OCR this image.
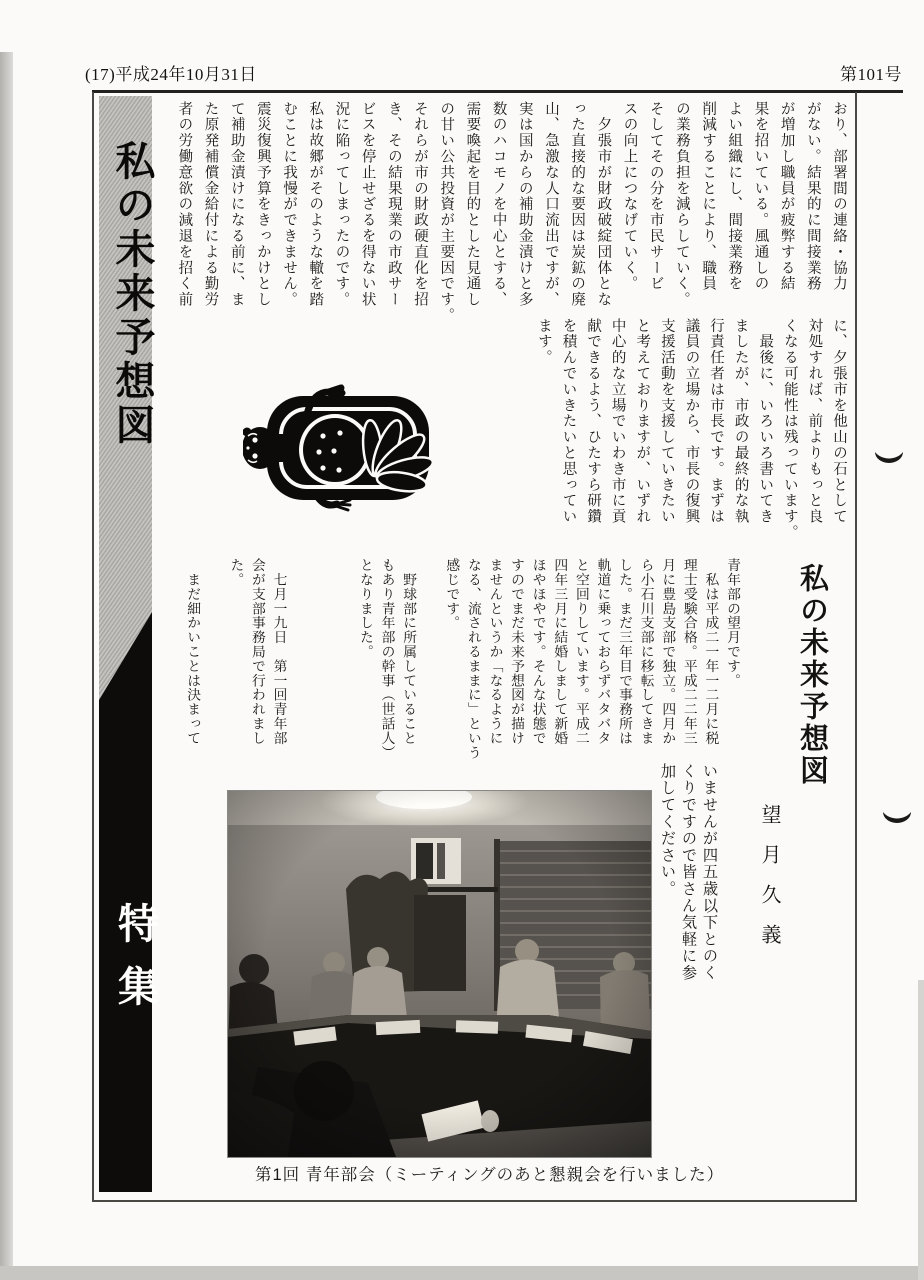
(17)平成24年10月31日	第101号
私の未来予想図
特集
おり、部署間の連絡・協力
がない。結果的に間接業務
が増加し職員が疲弊する結
果を招いている。風通しの
よい組織にし、間接業務を
削減することにより、職員
の業務負担を減らしていく。
そしてその分を市民サービ
スの向上につなげていく。
　夕張市が財政破綻団体とな
った直接的な要因は炭鉱の廃
山、急激な人口流出ですが、
実は国からの補助金漬けと多
数のハコモノを中心とする、
需要喚起を目的とした見通し
の甘い公共投資が主要因です。
それらが市の財政硬直化を招
き、その結果現業の市政サー
ビスを停止せざるを得ない状
況に陥ってしまったのです。
私は故郷がそのような轍を踏
むことに我慢ができません。
震災復興予算をきっかけとし
て補助金漬けになる前に、ま
た原発補償金給付による勤労
者の労働意欲の減退を招く前
に、夕張市を他山の石として
対処すれば、前よりもっと良
くなる可能性は残っています。
　最後に、いろいろ書いてき
ましたが、市政の最終的な執
行責任者は市長です。まずは
議員の立場から、市長の復興
支援活動を支援していきたい
と考えておりますが、いずれ
中心的な立場でいわき市に貢
献できるよう、ひたすら研鑽
を積んでいきたいと思ってい
ます。
私の未来予想図
望月久義
青年部の望月です。
　私は平成二一年一二月に税
理士受験合格。平成二二年三
月に豊島支部で独立。四月か
ら小石川支部に移転してきま
した。まだ三年目で事務所は
軌道に乗っておらずバタバタ
と空回りしています。平成二
四年三月に結婚しまして新婚
ほやほやです。そんな状態で
すのでまだ未来予想図が描け
ませんというか「なるように
なる、流されるままに」という
感じです。

　野球部に所属していること
もあり青年部の幹事（世話人）
となりました。

　七月一九日　第一回青年部
会が支部事務局で行われまし
た。

　まだ細かいことは決まって
いませんが四五歳以下とのく
くりですので皆さん気軽に参
加してください。
第1回 青年部会（ミーティングのあと懇親会を行いました）
